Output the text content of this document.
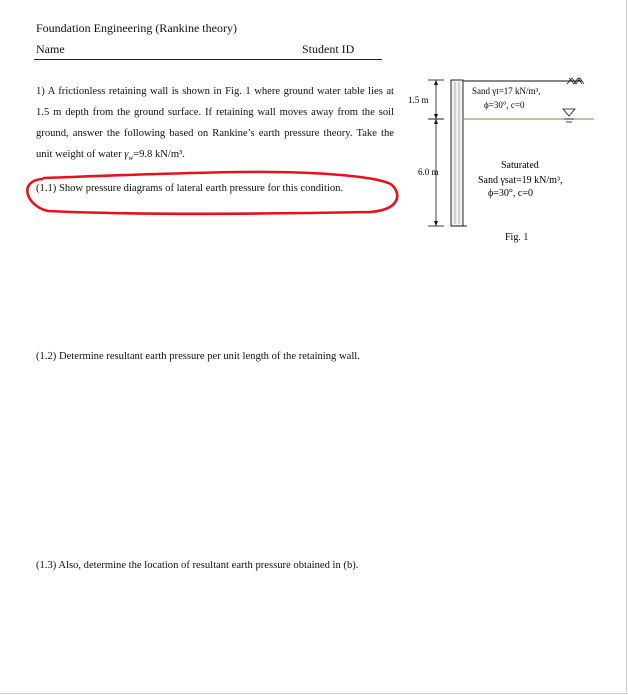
Foundation Engineering (Rankine theory)
Name	Student ID
1) A frictionless retaining wall is shown in Fig. 1 where ground water table lies at 1.5 m depth from the ground surface. If retaining wall moves away from the soil ground, answer the following based on Rankine’s earth pressure theory. Take the unit weight of water $\gamma_w=9.8$ kN/m³.
(1.1) Show pressure diagrams of lateral earth pressure for this condition.
(1.2) Determine resultant earth pressure per unit length of the retaining wall.
(1.3) Also, determine the location of resultant earth pressure obtained in (b).
1.5 m
6.0 m
Sand γt=17 kN/m³,
ϕ=30°, c=0
Saturated
Sand γsat=19 kN/m³,
ϕ=30°, c=0
Fig. 1
